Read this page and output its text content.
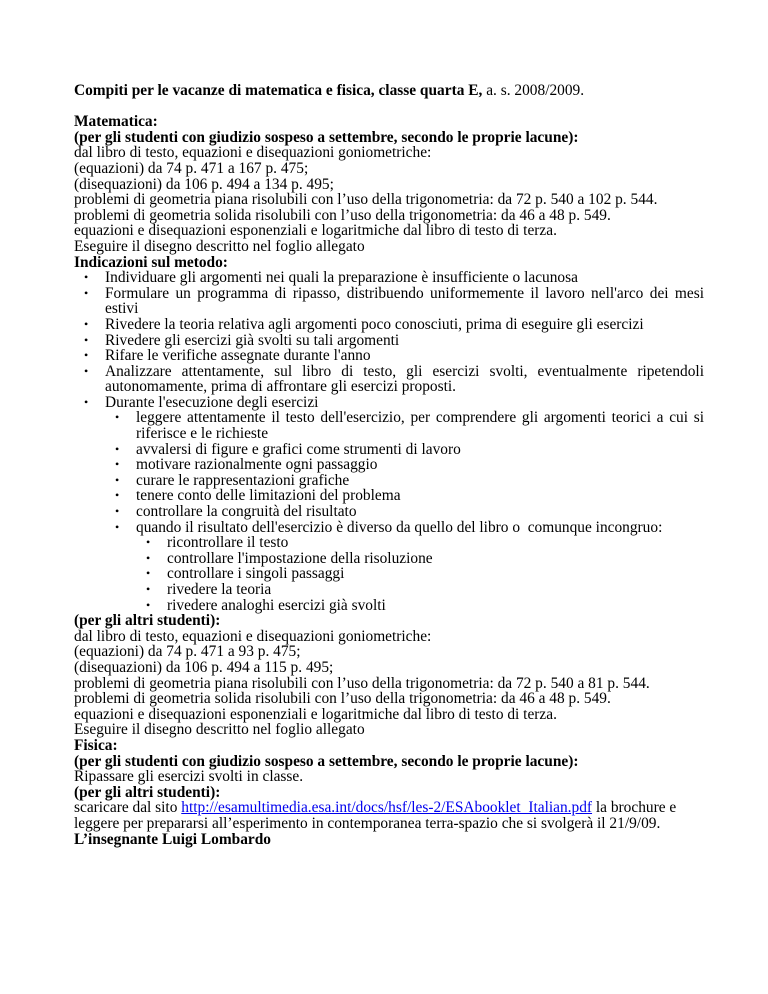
Compiti per le vacanze di matematica e fisica, classe quarta E, a. s. 2008/2009.
Matematica:
(per gli studenti con giudizio sospeso a settembre, secondo le proprie lacune):
dal libro di testo, equazioni e disequazioni goniometriche:
(equazioni) da 74 p. 471 a 167 p. 475;
(disequazioni) da 106 p. 494 a 134 p. 495;
problemi di geometria piana risolubili con l’uso della trigonometria: da 72 p. 540 a 102 p. 544.
problemi di geometria solida risolubili con l’uso della trigonometria: da 46 a 48 p. 549.
equazioni e disequazioni esponenziali e logaritmiche dal libro di testo di terza.
Eseguire il disegno descritto nel foglio allegato
Indicazioni sul metodo:
• Individuare gli argomenti nei quali la preparazione è insufficiente o lacunosa
• Formulare un programma di ripasso, distribuendo uniformemente il lavoro nell'arco dei mesi estivi
• Rivedere la teoria relativa agli argomenti poco conosciuti, prima di eseguire gli esercizi
• Rivedere gli esercizi già svolti su tali argomenti
• Rifare le verifiche assegnate durante l'anno
• Analizzare attentamente, sul libro di testo, gli esercizi svolti, eventualmente ripetendoli autonomamente, prima di affrontare gli esercizi proposti.
• Durante l'esecuzione degli esercizi
• leggere attentamente il testo dell'esercizio, per comprendere gli argomenti teorici a cui si riferisce e le richieste
• avvalersi di figure e grafici come strumenti di lavoro
• motivare razionalmente ogni passaggio
• curare le rappresentazioni grafiche
• tenere conto delle limitazioni del problema
• controllare la congruità del risultato
• quando il risultato dell'esercizio è diverso da quello del libro o  comunque incongruo:
• ricontrollare il testo
• controllare l'impostazione della risoluzione
• controllare i singoli passaggi
• rivedere la teoria
• rivedere analoghi esercizi già svolti
(per gli altri studenti):
dal libro di testo, equazioni e disequazioni goniometriche:
(equazioni) da 74 p. 471 a 93 p. 475;
(disequazioni) da 106 p. 494 a 115 p. 495;
problemi di geometria piana risolubili con l’uso della trigonometria: da 72 p. 540 a 81 p. 544.
problemi di geometria solida risolubili con l’uso della trigonometria: da 46 a 48 p. 549.
equazioni e disequazioni esponenziali e logaritmiche dal libro di testo di terza.
Eseguire il disegno descritto nel foglio allegato
Fisica:
(per gli studenti con giudizio sospeso a settembre, secondo le proprie lacune):
Ripassare gli esercizi svolti in classe.
(per gli altri studenti):
scaricare dal sito http://esamultimedia.esa.int/docs/hsf/les-2/ESAbooklet_Italian.pdf la brochure e leggere per prepararsi all’esperimento in contemporanea terra-spazio che si svolgerà il 21/9/09.
L’insegnante Luigi Lombardo
